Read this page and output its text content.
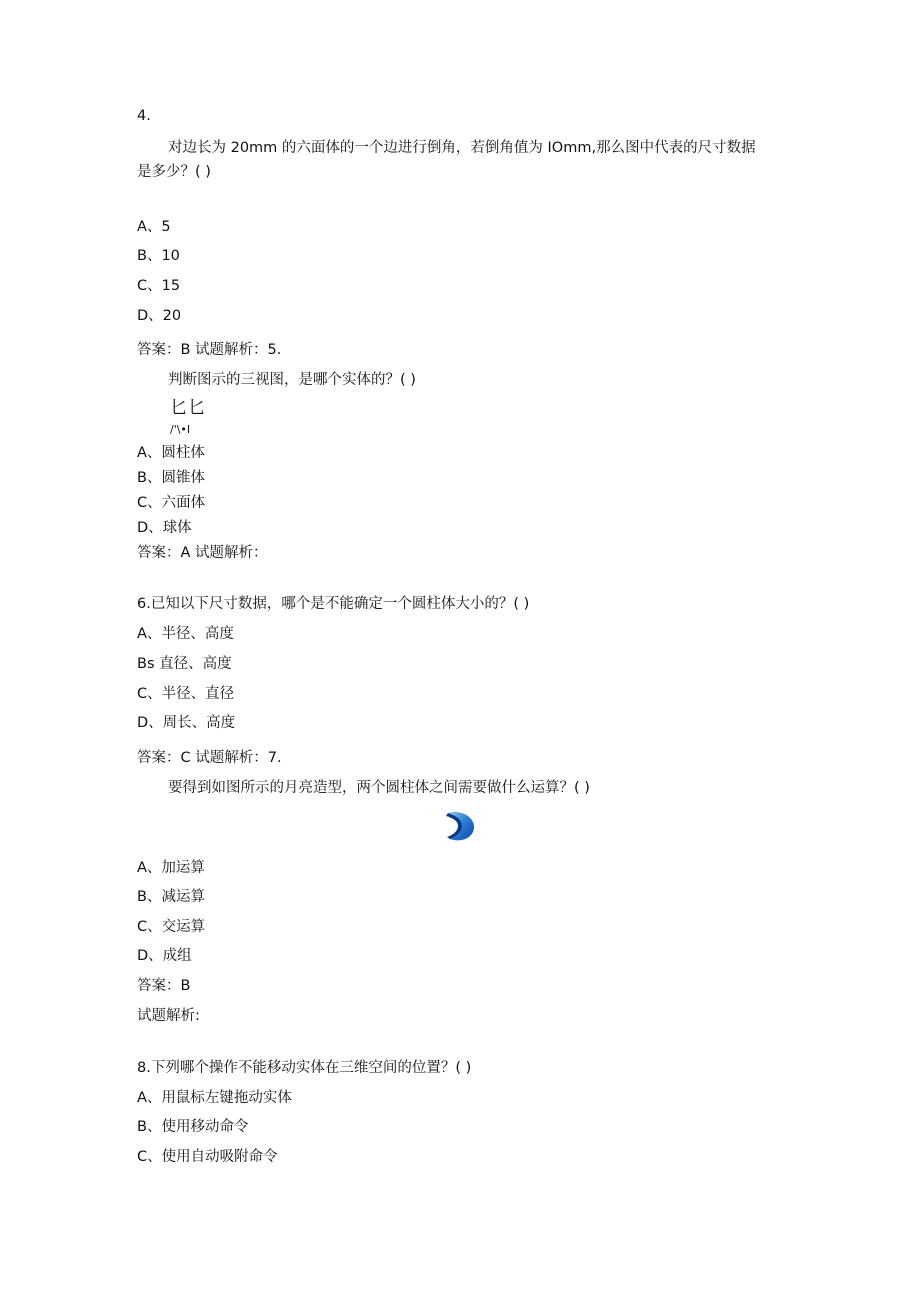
4.
对边长为 20mm 的六面体的一个边进行倒角，若倒角值为 IOmm,那么图中代表的尺寸数据
是多少？( )
A、5
B、10
C、15
D、20
答案：B 试题解析：5.
判断图示的三视图，是哪个实体的？( )
匕匕
/'\•I
A、圆柱体
B、圆锥体
C、六面体
D、球体
答案：A 试题解析：
6.已知以下尺寸数据，哪个是不能确定一个圆柱体大小的？( )
A、半径、高度
Bs 直径、高度
C、半径、直径
D、周长、高度
答案：C 试题解析：7.
要得到如图所示的月亮造型，两个圆柱体之间需要做什么运算？( )
A、加运算
B、减运算
C、交运算
D、成组
答案：B
试题解析:
8.下列哪个操作不能移动实体在三维空间的位置？( )
A、用鼠标左键拖动实体
B、使用移动命令
C、使用自动吸附命令
